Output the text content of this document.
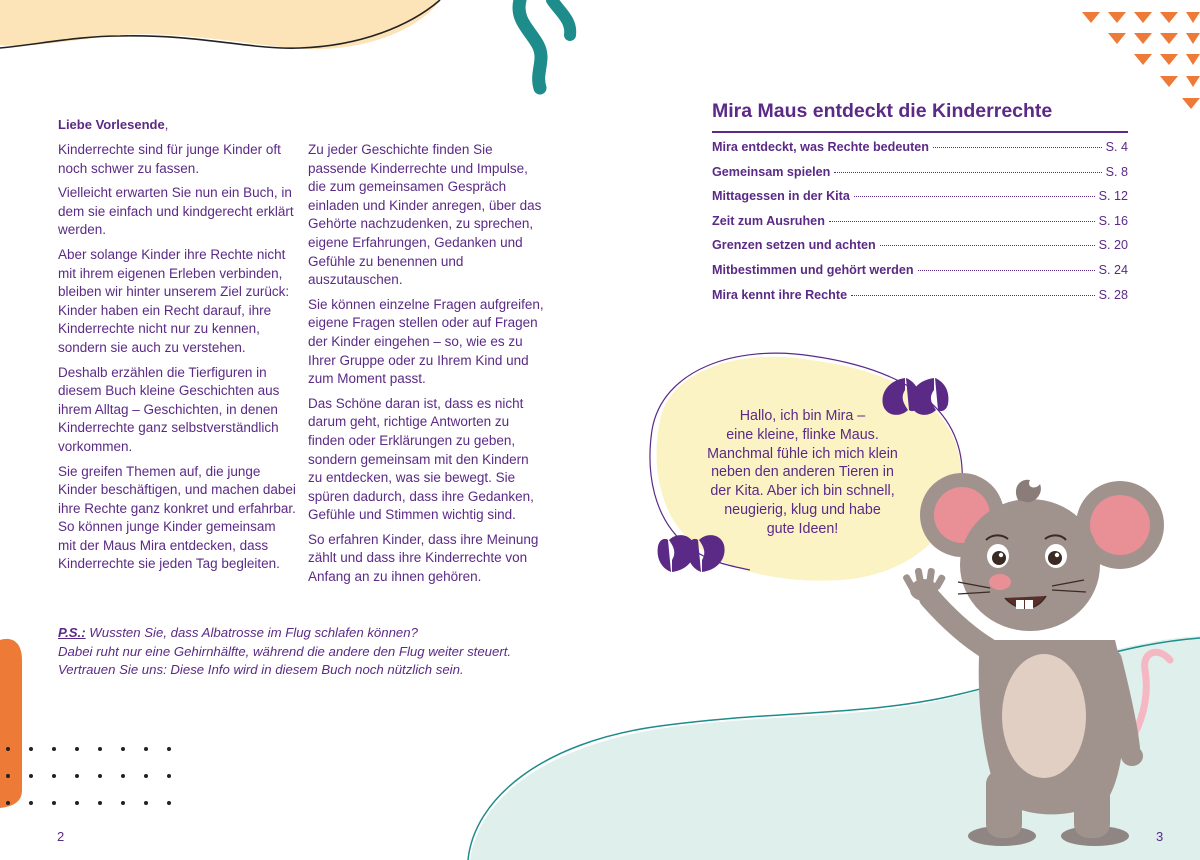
Liebe Vorlesende,

Kinderrechte sind für junge Kinder oft noch schwer zu fassen.

Vielleicht erwarten Sie nun ein Buch, in dem sie einfach und kindgerecht erklärt werden.

Aber solange Kinder ihre Rechte nicht mit ihrem eigenen Erleben verbinden, bleiben wir hinter unserem Ziel zurück: Kinder haben ein Recht darauf, ihre Kinderrechte nicht nur zu kennen, sondern sie auch zu verstehen.

Deshalb erzählen die Tierfiguren in diesem Buch kleine Geschichten aus ihrem Alltag – Geschichten, in denen Kinderrechte ganz selbstverständlich vorkommen.

Sie greifen Themen auf, die junge Kinder beschäftigen, und machen dabei ihre Rechte ganz konkret und erfahrbar. So können junge Kinder gemeinsam mit der Maus Mira entdecken, dass Kinderrechte sie jeden Tag begleiten.

Zu jeder Geschichte finden Sie passende Kinderrechte und Impulse, die zum gemeinsamen Gespräch einladen und Kinder anregen, über das Gehörte nachzudenken, zu sprechen, eigene Erfahrungen, Gedanken und Gefühle zu benennen und auszutauschen.

Sie können einzelne Fragen aufgreifen, eigene Fragen stellen oder auf Fragen der Kinder eingehen – so, wie es zu Ihrer Gruppe oder zu Ihrem Kind und zum Moment passt.

Das Schöne daran ist, dass es nicht darum geht, richtige Antworten zu finden oder Erklärungen zu geben, sondern gemeinsam mit den Kindern zu entdecken, was sie bewegt. Sie spüren dadurch, dass ihre Gedanken, Gefühle und Stimmen wichtig sind.

So erfahren Kinder, dass ihre Meinung zählt und dass ihre Kinderrechte von Anfang an zu ihnen gehören.

P.S.: Wussten Sie, dass Albatrosse im Flug schlafen können?
Dabei ruht nur eine Gehirnhälfte, während die andere den Flug weiter steuert.
Vertrauen Sie uns: Diese Info wird in diesem Buch noch nützlich sein.
2
Mira Maus entdeckt die Kinderrechte
Mira entdeckt, was Rechte bedeuten	S. 4
Gemeinsam spielen	S. 8
Mittagessen in der Kita	S. 12
Zeit zum Ausruhen	S. 16
Grenzen setzen und achten	S. 20
Mitbestimmen und gehört werden	S. 24
Mira kennt ihre Rechte	S. 28
Hallo, ich bin Mira –
eine kleine, flinke Maus.
Manchmal fühle ich mich klein
neben den anderen Tieren in
der Kita. Aber ich bin schnell,
neugierig, klug und habe
gute Ideen!
3
